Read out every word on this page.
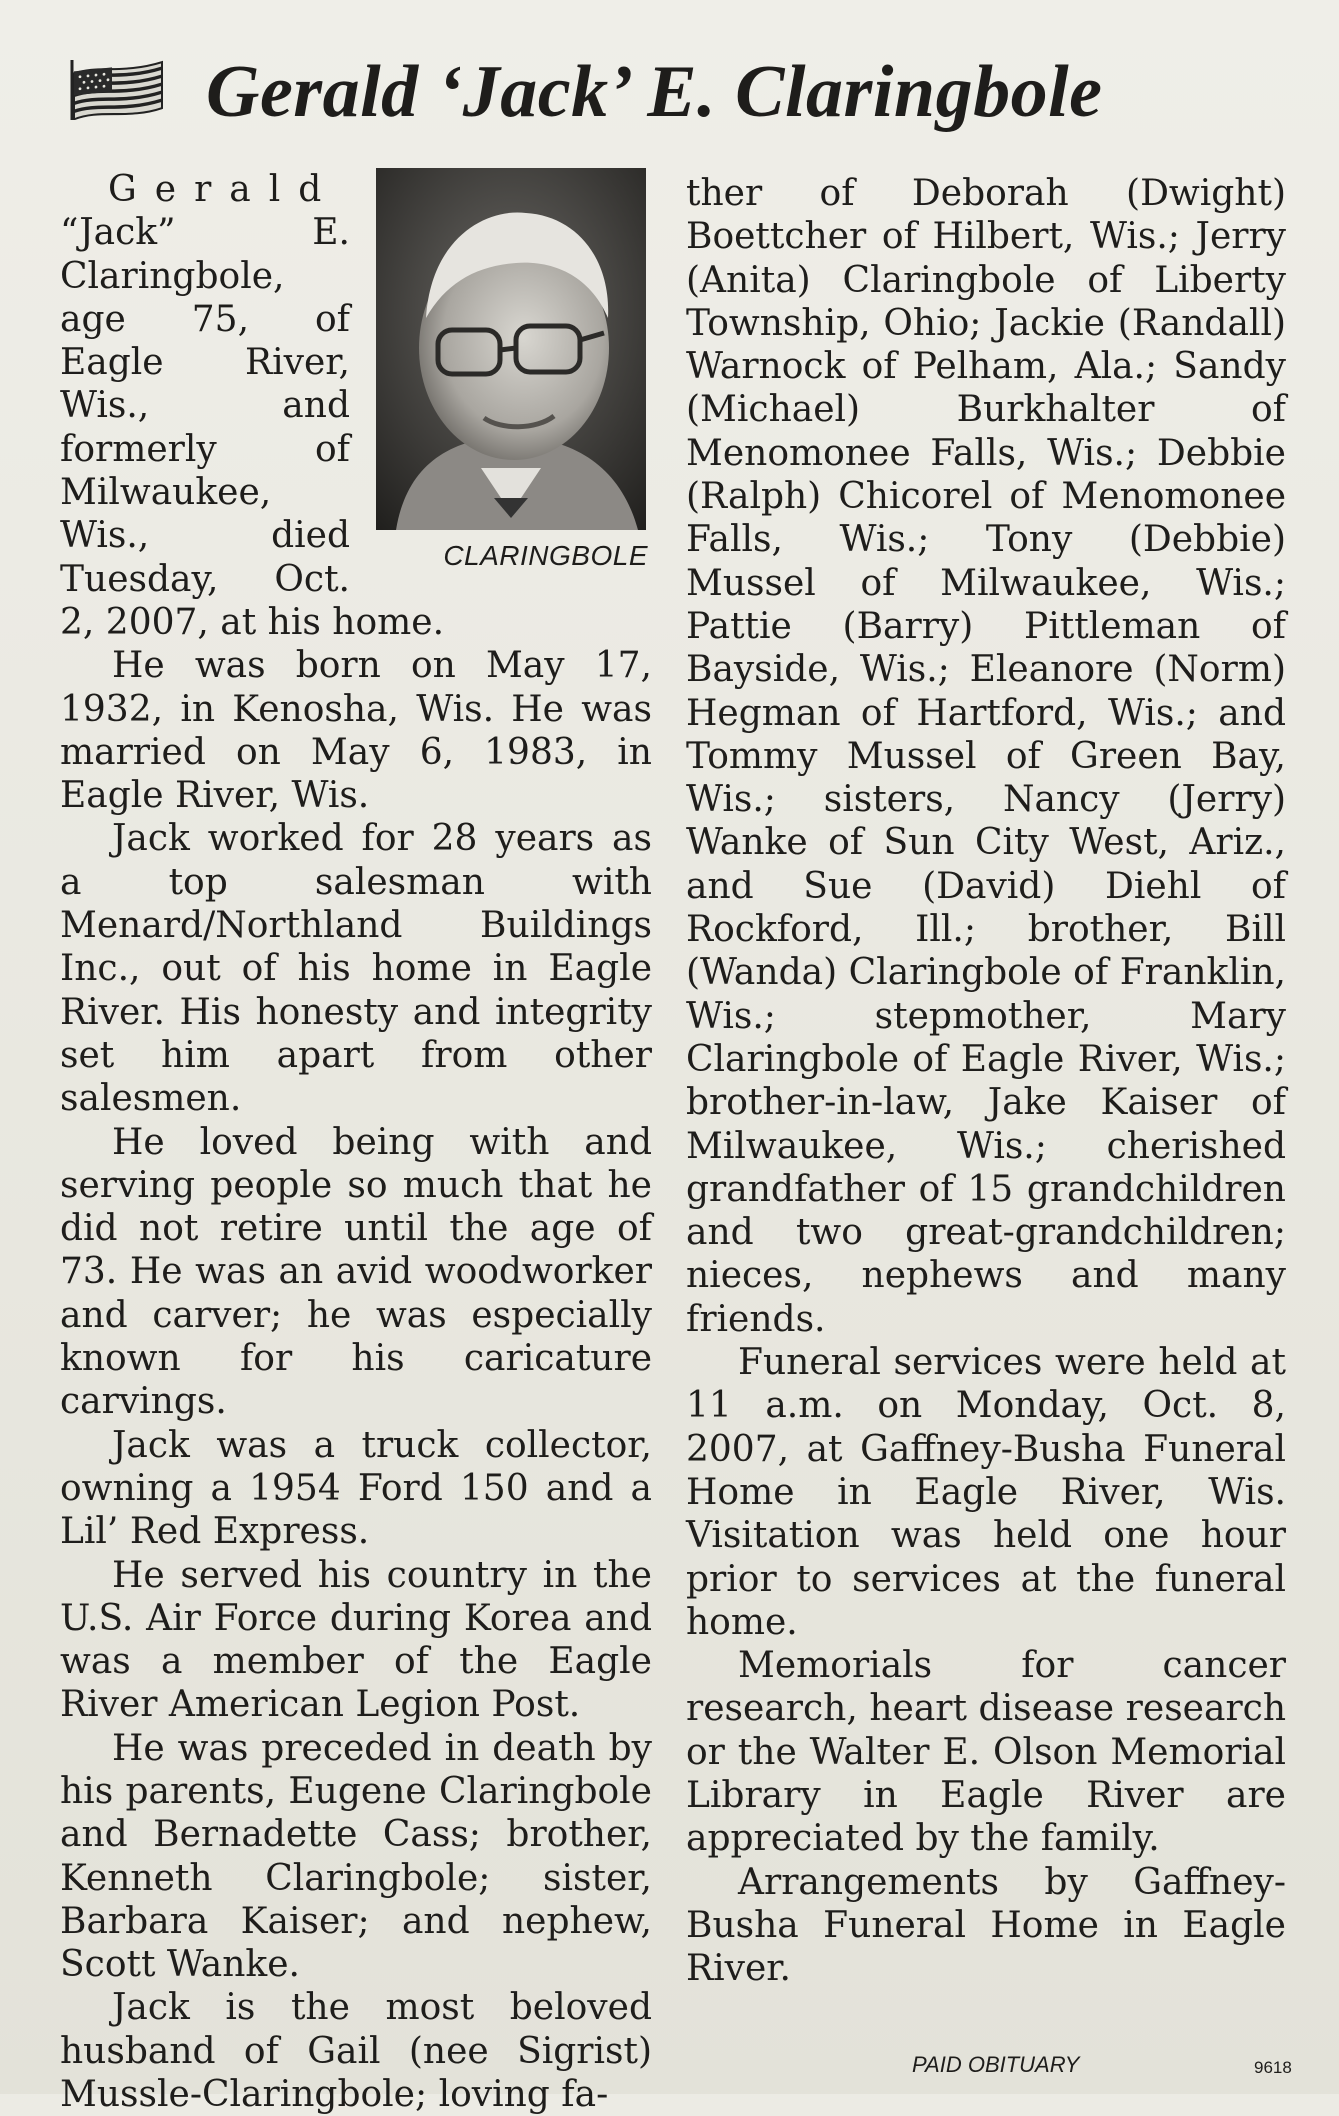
Gerald ‘Jack’ E. Claringbole
CLARINGBOLE

Gerald
“Jack” E. Claringbole, age 75, of Eagle River, Wis., and formerly of Milwaukee, Wis., died Tuesday, Oct. 2, 2007, at his home.

He was born on May 17, 1932, in Kenosha, Wis. He was married on May 6, 1983, in Eagle River, Wis.

Jack worked for 28 years as a top salesman with Menard/Northland Buildings Inc., out of his home in Eagle River. His honesty and integrity set him apart from other salesmen.

He loved being with and serving people so much that he did not retire until the age of 73. He was an avid woodworker and carver; he was especially known for his caricature carvings.

Jack was a truck collector, owning a 1954 Ford 150 and a Lil’ Red Express.

He served his country in the U.S. Air Force during Korea and was a member of the Eagle River American Legion Post.

He was preceded in death by his parents, Eugene Claringbole and Bernadette Cass; brother, Kenneth Claringbole; sister, Barbara Kaiser; and nephew, Scott Wanke.

Jack is the most beloved husband of Gail (nee Sigrist) Mussle-Claringbole; loving fa-

ther of Deborah (Dwight) Boettcher of Hilbert, Wis.; Jerry (Anita) Claringbole of Liberty Township, Ohio; Jackie (Randall) Warnock of Pelham, Ala.; Sandy (Michael) Burkhalter of Menomonee Falls, Wis.; Debbie (Ralph) Chicorel of Menomonee Falls, Wis.; Tony (Debbie) Mussel of Milwaukee, Wis.; Pattie (Barry) Pittleman of Bayside, Wis.; Eleanore (Norm) Hegman of Hartford, Wis.; and Tommy Mussel of Green Bay, Wis.; sisters, Nancy (Jerry) Wanke of Sun City West, Ariz., and Sue (David) Diehl of Rockford, Ill.; brother, Bill (Wanda) Claringbole of Franklin, Wis.; stepmother, Mary Claringbole of Eagle River, Wis.; brother-in-law, Jake Kaiser of Milwaukee, Wis.; cherished grandfather of 15 grandchildren and two great-grandchildren; nieces, nephews and many friends.

Funeral services were held at 11 a.m. on Monday, Oct. 8, 2007, at Gaffney-Busha Funeral Home in Eagle River, Wis. Visitation was held one hour prior to services at the funeral home.

Memorials for cancer research, heart disease research or the Walter E. Olson Memorial Library in Eagle River are appreciated by the family.

Arrangements by Gaffney-Busha Funeral Home in Eagle River.

PAID OBITUARY	9618
